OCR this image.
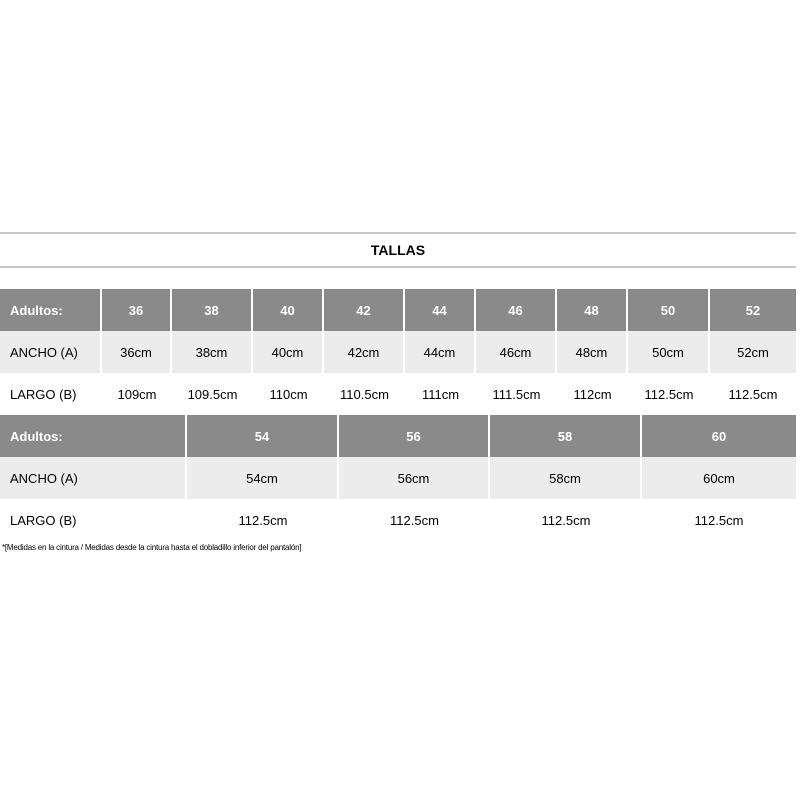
TALLAS
Adultos:	36	38	40	42	44	46	48	50	52
ANCHO (A)	36cm	38cm	40cm	42cm	44cm	46cm	48cm	50cm	52cm
LARGO (B)	109cm	109.5cm	110cm	110.5cm	111cm	111.5cm	112cm	112.5cm	112.5cm
Adultos:	54	56	58	60
ANCHO (A)	54cm	56cm	58cm	60cm
LARGO (B)	112.5cm	112.5cm	112.5cm	112.5cm
*[Medidas en la cintura / Medidas desde la cintura hasta el dobladillo inferior del pantalón]
